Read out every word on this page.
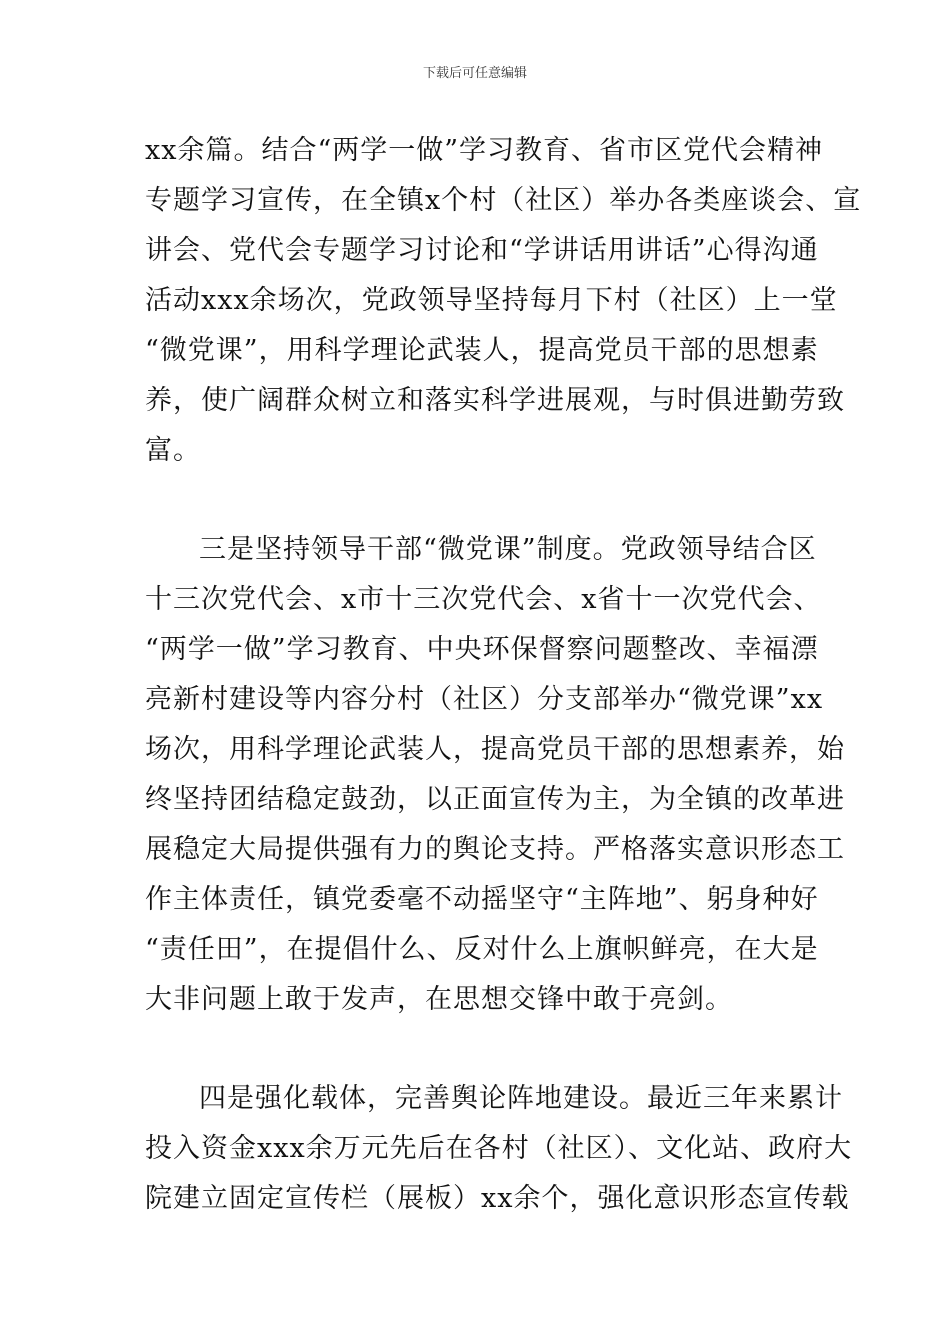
下载后可任意编辑
xx余篇。结合“两学一做”学习教育、省市区党代会精神
专题学习宣传，在全镇x个村（社区）举办各类座谈会、宣
讲会、党代会专题学习讨论和“学讲话用讲话”心得沟通
活动xxx余场次，党政领导坚持每月下村（社区）上一堂
“微党课”，用科学理论武装人，提高党员干部的思想素
养，使广阔群众树立和落实科学进展观，与时俱进勤劳致
富。
三是坚持领导干部“微党课”制度。党政领导结合区
十三次党代会、x市十三次党代会、x省十一次党代会、
“两学一做”学习教育、中央环保督察问题整改、幸福漂
亮新村建设等内容分村（社区）分支部举办“微党课”xx
场次，用科学理论武装人，提高党员干部的思想素养，始
终坚持团结稳定鼓劲，以正面宣传为主，为全镇的改革进
展稳定大局提供强有力的舆论支持。严格落实意识形态工
作主体责任，镇党委毫不动摇坚守“主阵地”、躬身种好
“责任田”，在提倡什么、反对什么上旗帜鲜亮，在大是
大非问题上敢于发声，在思想交锋中敢于亮剑。
四是强化载体，完善舆论阵地建设。最近三年来累计
投入资金xxx余万元先后在各村（社区）、文化站、政府大
院建立固定宣传栏（展板）xx余个，强化意识形态宣传载
